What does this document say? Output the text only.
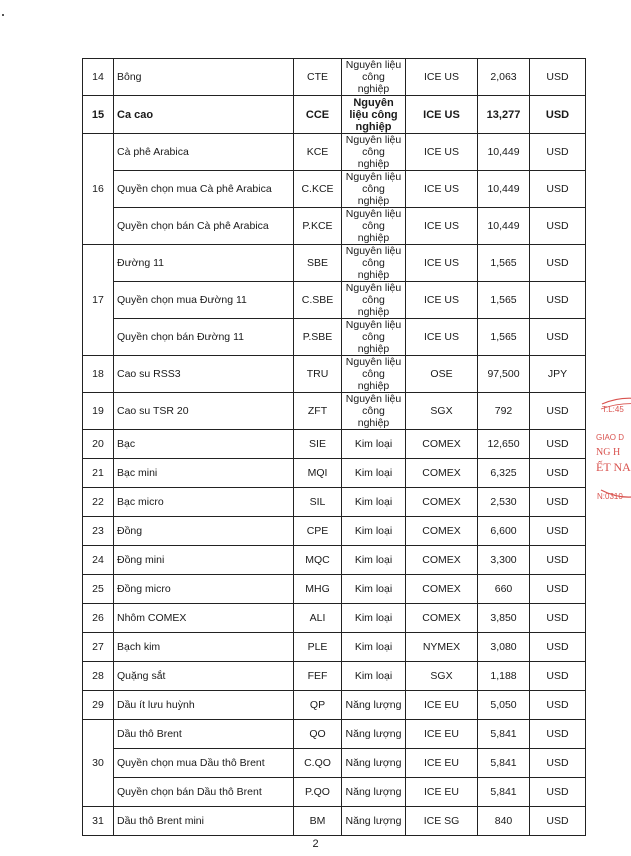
14	Bông	CTE	Nguyên liệu công nghiệp	ICE US	2,063	USD
15	Ca cao	CCE	Nguyên liệu công nghiệp	ICE US	13,277	USD
16	Cà phê Arabica	KCE	Nguyên liệu công nghiệp	ICE US	10,449	USD
	Quyền chọn mua Cà phê Arabica	C.KCE	Nguyên liệu công nghiệp	ICE US	10,449	USD
	Quyền chọn bán Cà phê Arabica	P.KCE	Nguyên liệu công nghiệp	ICE US	10,449	USD
17	Đường 11	SBE	Nguyên liệu công nghiệp	ICE US	1,565	USD
	Quyền chọn mua Đường 11	C.SBE	Nguyên liệu công nghiệp	ICE US	1,565	USD
	Quyền chọn bán Đường 11	P.SBE	Nguyên liệu công nghiệp	ICE US	1,565	USD
18	Cao su RSS3	TRU	Nguyên liệu công nghiệp	OSE	97,500	JPY
19	Cao su TSR 20	ZFT	Nguyên liệu công nghiệp	SGX	792	USD
20	Bạc	SIE	Kim loại	COMEX	12,650	USD
21	Bạc mini	MQI	Kim loại	COMEX	6,325	USD
22	Bạc micro	SIL	Kim loại	COMEX	2,530	USD
23	Đồng	CPE	Kim loại	COMEX	6,600	USD
24	Đồng mini	MQC	Kim loại	COMEX	3,300	USD
25	Đồng micro	MHG	Kim loại	COMEX	660	USD
26	Nhôm COMEX	ALI	Kim loại	COMEX	3,850	USD
27	Bạch kim	PLE	Kim loại	NYMEX	3,080	USD
28	Quặng sắt	FEF	Kim loại	SGX	1,188	USD
29	Dầu ít lưu huỳnh	QP	Năng lượng	ICE EU	5,050	USD
30	Dầu thô Brent	QO	Năng lượng	ICE EU	5,841	USD
	Quyền chọn mua Dầu thô Brent	C.QO	Năng lượng	ICE EU	5,841	USD
	Quyền chọn bán Dầu thô Brent	P.QO	Năng lượng	ICE EU	5,841	USD
31	Dầu thô Brent mini	BM	Năng lượng	ICE SG	840	USD
T.L:45
GIAO D
NG H
ẾT NA
N:0310
2
